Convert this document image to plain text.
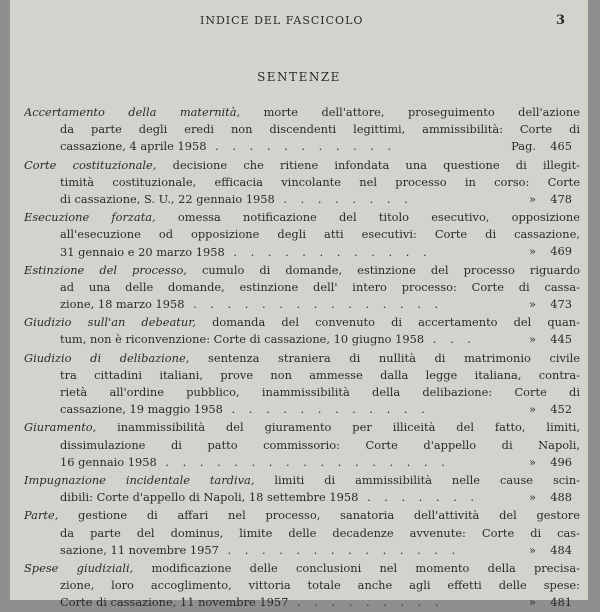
INDICE DEL FASCICOLO	3
SENTENZE
Accertamento della maternità, morte dell'attore, proseguimento dell'azione
da parte degli eredi non discendenti legittimi, ammissibilità: Corte di
cassazione, 4 aprile 1958 . . . . . . . . . . .	Pag. 465
Corte costituzionale, decisione che ritiene infondata una questione di illegit-
timità costituzionale, efficacia vincolante nel processo in corso: Corte
di cassazione, S. U., 22 gennaio 1958 . . . . . . . .	» 478
Esecuzione forzata, omessa notificazione del titolo esecutivo, opposizione
all'esecuzione od opposizione degli atti esecutivi: Corte di cassazione,
31 gennaio e 20 marzo 1958 . . . . . . . . . . . .	» 469
Estinzione del processo, cumulo di domande, estinzione del processo riguardo
ad una delle domande, estinzione dell' intero processo: Corte di cassa-
zione, 18 marzo 1958 . . . . . . . . . . . . . . .	» 473
Giudizio sull'an debeatur, domanda del convenuto di accertamento del quan-
tum, non è riconvenzione: Corte di cassazione, 10 giugno 1958 . . .	» 445
Giudizio di delibazione, sentenza straniera di nullità di matrimonio civile
tra cittadini italiani, prove non ammesse dalla legge italiana, contra-
rietà all'ordine pubblico, inammissibilità della delibazione: Corte di
cassazione, 19 maggio 1958 . . . . . . . . . . . .	» 452
Giuramento, inammissibilità del giuramento per illiceità del fatto, limiti,
dissimulazione di patto commissorio: Corte d'appello di Napoli,
16 gennaio 1958 . . . . . . . . . . . . . . . . .	» 496
Impugnazione incidentale tardiva, limiti di ammissibilità nelle cause scin-
dibili: Corte d'appello di Napoli, 18 settembre 1958 . . . . . . .	» 488
Parte, gestione di affari nel processo, sanatoria dell'attività del gestore
da parte del dominus, limite delle decadenze avvenute: Corte di cas-
sazione, 11 novembre 1957 . . . . . . . . . . . . . .	» 484
Spese giudiziali, modificazione delle conclusioni nel momento della precisa-
zione, loro accoglimento, vittoria totale anche agli effetti delle spese:
Corte di cassazione, 11 novembre 1957 . . . . . . . . .	» 481
